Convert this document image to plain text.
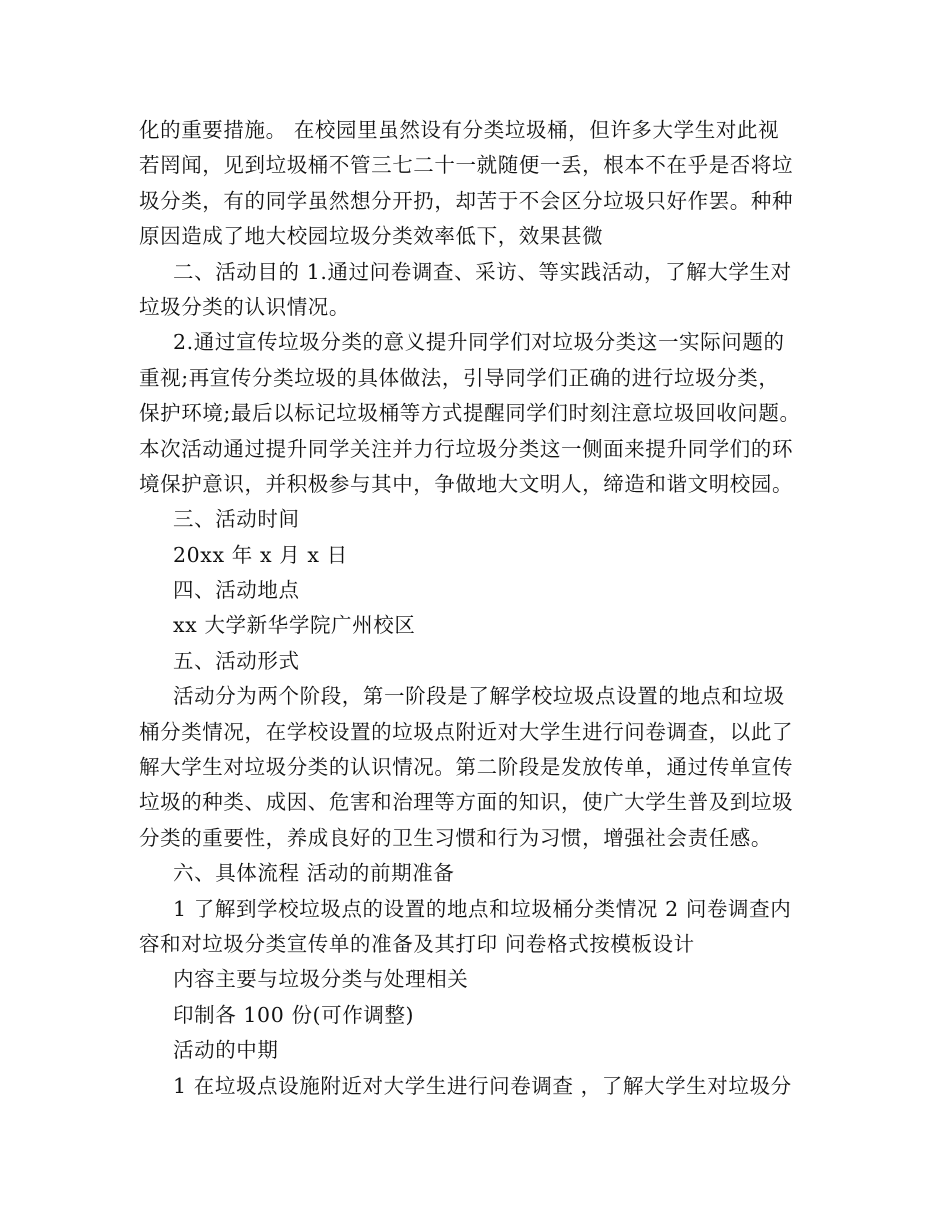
化的重要措施。 在校园里虽然设有分类垃圾桶，但许多大学生对此视
若罔闻，见到垃圾桶不管三七二十一就随便一丢，根本不在乎是否将垃
圾分类，有的同学虽然想分开扔，却苦于不会区分垃圾只好作罢。种种
原因造成了地大校园垃圾分类效率低下，效果甚微
二、活动目的 1.通过问卷调查、采访、等实践活动，了解大学生对
垃圾分类的认识情况。
2.通过宣传垃圾分类的意义提升同学们对垃圾分类这一实际问题的
重视;再宣传分类垃圾的具体做法，引导同学们正确的进行垃圾分类，
保护环境;最后以标记垃圾桶等方式提醒同学们时刻注意垃圾回收问题。
本次活动通过提升同学关注并力行垃圾分类这一侧面来提升同学们的环
境保护意识，并积极参与其中，争做地大文明人，缔造和谐文明校园。
三、活动时间
20xx 年 x 月 x 日
四、活动地点
xx 大学新华学院广州校区
五、活动形式
活动分为两个阶段，第一阶段是了解学校垃圾点设置的地点和垃圾
桶分类情况，在学校设置的垃圾点附近对大学生进行问卷调查，以此了
解大学生对垃圾分类的认识情况。第二阶段是发放传单，通过传单宣传
垃圾的种类、成因、危害和治理等方面的知识，使广大学生普及到垃圾
分类的重要性，养成良好的卫生习惯和行为习惯，增强社会责任感。
六、具体流程 活动的前期准备
1 了解到学校垃圾点的设置的地点和垃圾桶分类情况 2 问卷调查内
容和对垃圾分类宣传单的准备及其打印 问卷格式按模板设计
内容主要与垃圾分类与处理相关
印制各 100 份(可作调整)
活动的中期
1 在垃圾点设施附近对大学生进行问卷调查 ，了解大学生对垃圾分
